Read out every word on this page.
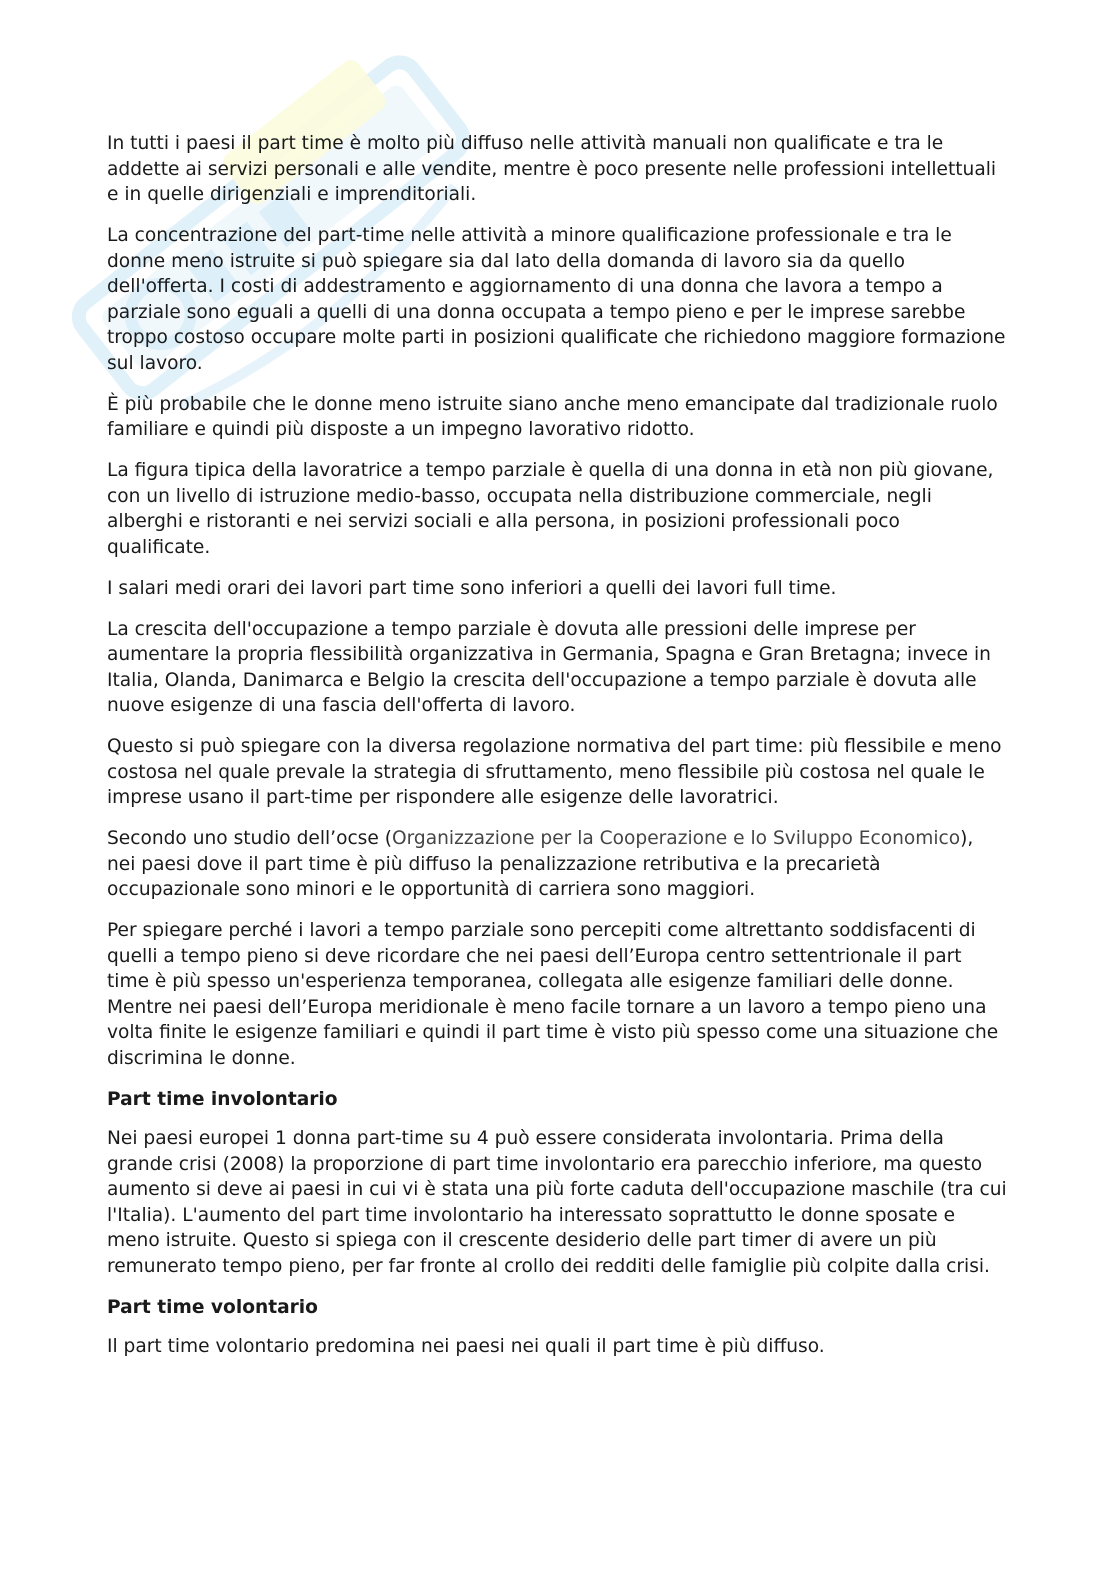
In tutti i paesi il part time è molto più diffuso nelle attività manuali non qualificate e tra le addette ai servizi personali e alle vendite, mentre è poco presente nelle professioni intellettuali e in quelle dirigenziali e imprenditoriali.

La concentrazione del part-time nelle attività a minore qualificazione professionale e tra le donne meno istruite si può spiegare sia dal lato della domanda di lavoro sia da quello dell'offerta. I costi di addestramento e aggiornamento di una donna che lavora a tempo a parziale sono eguali a quelli di una donna occupata a tempo pieno e per le imprese sarebbe troppo costoso occupare molte parti in posizioni qualificate che richiedono maggiore formazione sul lavoro.

È più probabile che le donne meno istruite siano anche meno emancipate dal tradizionale ruolo familiare e quindi più disposte a un impegno lavorativo ridotto.

La figura tipica della lavoratrice a tempo parziale è quella di una donna in età non più giovane, con un livello di istruzione medio-basso, occupata nella distribuzione commerciale, negli alberghi e ristoranti e nei servizi sociali e alla persona, in posizioni professionali poco qualificate.

I salari medi orari dei lavori part time sono inferiori a quelli dei lavori full time.

La crescita dell'occupazione a tempo parziale è dovuta alle pressioni delle imprese per aumentare la propria flessibilità organizzativa in Germania, Spagna e Gran Bretagna; invece in Italia, Olanda, Danimarca e Belgio la crescita dell'occupazione a tempo parziale è dovuta alle nuove esigenze di una fascia dell'offerta di lavoro.

Questo si può spiegare con la diversa regolazione normativa del part time: più flessibile e meno costosa nel quale prevale la strategia di sfruttamento, meno flessibile più costosa nel quale le imprese usano il part-time per rispondere alle esigenze delle lavoratrici.

Secondo uno studio dell’ocse (Organizzazione per la Cooperazione e lo Sviluppo Economico), nei paesi dove il part time è più diffuso la penalizzazione retributiva e la precarietà occupazionale sono minori e le opportunità di carriera sono maggiori.

Per spiegare perché i lavori a tempo parziale sono percepiti come altrettanto soddisfacenti di quelli a tempo pieno si deve ricordare che nei paesi dell’Europa centro settentrionale il part time è più spesso un'esperienza temporanea, collegata alle esigenze familiari delle donne. Mentre nei paesi dell’Europa meridionale è meno facile tornare a un lavoro a tempo pieno una volta finite le esigenze familiari e quindi il part time è visto più spesso come una situazione che discrimina le donne.

Part time involontario

Nei paesi europei 1 donna part-time su 4 può essere considerata involontaria. Prima della grande crisi (2008) la proporzione di part time involontario era parecchio inferiore, ma questo aumento si deve ai paesi in cui vi è stata una più forte caduta dell'occupazione maschile (tra cui l'Italia). L'aumento del part time involontario ha interessato soprattutto le donne sposate e meno istruite. Questo si spiega con il crescente desiderio delle part timer di avere un più remunerato tempo pieno, per far fronte al crollo dei redditi delle famiglie più colpite dalla crisi.

Part time volontario

Il part time volontario predomina nei paesi nei quali il part time è più diffuso.
